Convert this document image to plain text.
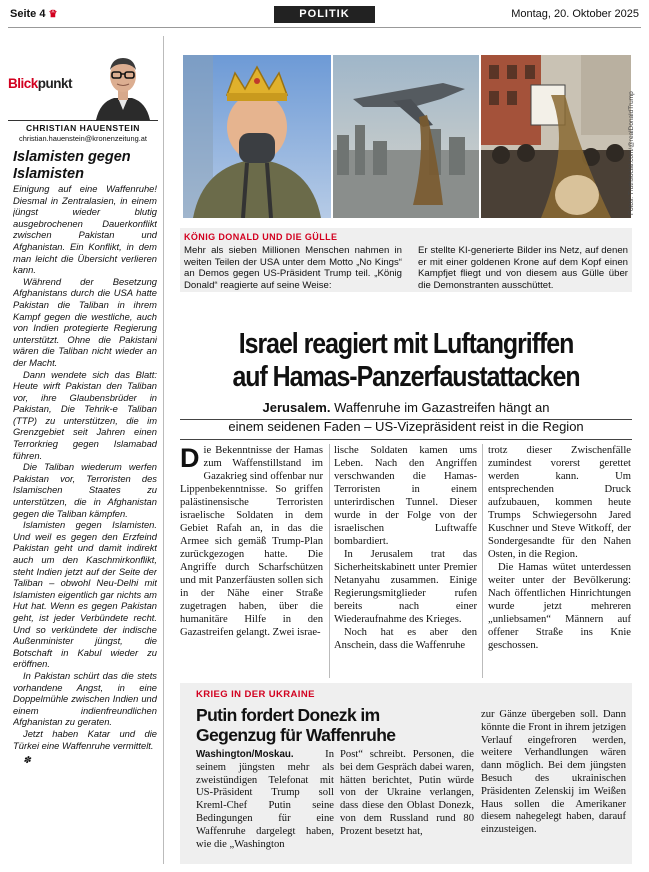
Seite 4 ♛	POLITIK	Montag, 20. Oktober 2025
Blickpunkt
CHRISTIAN HAUENSTEIN
christian.hauenstein@kronenzeitung.at
Islamisten gegen Islamisten

Einigung auf eine Waffenruhe! Diesmal in Zentralasien, in einem jüngst wieder blutig ausgebrochenen Dauerkonflikt zwischen Pakistan und Afghanistan. Ein Konflikt, in dem man leicht die Übersicht verlieren kann.

Während der Besetzung Afghanistans durch die USA hatte Pakistan die Taliban in ihrem Kampf gegen die westliche, auch von Indien protegierte Regierung unterstützt. Ohne die Pakistani wären die Taliban nicht wieder an der Macht.

Dann wendete sich das Blatt: Heute wirft Pakistan den Taliban vor, ihre Glaubensbrüder in Pakistan, Die Tehrik-e Taliban (TTP) zu unterstützen, die im Grenzgebiet seit Jahren einen Terrorkrieg gegen Islamabad führen.

Die Taliban wiederum werfen Pakistan vor, Terroristen des Islamischen Staates zu unterstützen, die in Afghanistan gegen die Taliban kämpfen.

Islamisten gegen Islamisten. Und weil es gegen den Erzfeind Pakistan geht und damit indirekt auch um den Kaschmirkonflikt, steht Indien jetzt auf der Seite der Taliban – obwohl Neu-Delhi mit Islamisten eigentlich gar nichts am Hut hat. Wenn es gegen Pakistan geht, ist jeder Verbündete recht. Und so verkündete der indische Außenminister jüngst, die Botschaft in Kabul wieder zu eröffnen.

In Pakistan schürt das die stets vorhandene Angst, in eine Doppelmühle zwischen Indien und einem indienfreundlichen Afghanistan zu geraten.

Jetzt haben Katar und die Türkei eine Waffenruhe vermittelt.

✽

Fotos: Truthsocial.com/@realDonaldTrump
KÖNIG DONALD UND DIE GÜLLE
Mehr als sieben Millionen Menschen nahmen in weiten Teilen der USA unter dem Motto „No Kings“ an Demos gegen US-Präsident Trump teil. „König Donald“ reagierte auf seine Weise:
Er stellte KI-generierte Bilder ins Netz, auf denen er mit einer goldenen Krone auf dem Kopf einen Kampfjet fliegt und von diesem aus Gülle über die Demonstranten ausschüttet.
Israel reagiert mit Luftangriffen
auf Hamas-Panzerfaustattacken
Jerusalem. Waffenruhe im Gazastreifen hängt an
einem seidenen Faden – US-Vizepräsident reist in die Region

Die Bekenntnisse der Hamas zum Waffenstillstand im Gazakrieg sind offenbar nur Lippenbekenntnisse. So griffen palästinensische Terroristen israelische Soldaten in dem Gebiet Rafah an, in das die Armee sich gemäß Trump-Plan zurückgezogen hatte. Die Angriffe durch Scharfschützen und mit Panzerfäusten sollen sich in der Nähe einer Straße zugetragen haben, über die humanitäre Hilfe in den Gazastreifen gelangt. Zwei israe-

lische Soldaten kamen ums Leben. Nach den Angriffen verschwanden die Hamas-Terroristen in einem unterirdischen Tunnel. Dieser wurde in der Folge von der israelischen Luftwaffe bombardiert.

In Jerusalem trat das Sicherheitskabinett unter Premier Netanyahu zusammen. Einige Regierungsmitglieder rufen bereits nach einer Wiederaufnahme des Krieges.

Noch hat es aber den Anschein, dass die Waffenruhe

trotz dieser Zwischenfälle zumindest vorerst gerettet werden kann. Um entsprechenden Druck aufzubauen, kommen heute Trumps Schwiegersohn Jared Kuschner und Steve Witkoff, der Sondergesandte für den Nahen Osten, in die Region.

Die Hamas wütet unterdessen weiter unter der Bevölkerung: Nach öffentlichen Hinrichtungen wurde jetzt mehreren „unliebsamen“ Männern auf offener Straße ins Knie geschossen.

KRIEG IN DER UKRAINE
Putin fordert Donezk im Gegenzug für Waffenruhe
Washington/Moskau.	In seinem jüngsten mehr als zweistündigen Telefonat mit US-Präsident Trump soll Kreml-Chef Putin seine Bedingungen für eine Waffenruhe dargelegt haben, wie die „Washington
Post“ schreibt. Personen, die bei dem Gespräch dabei waren, hätten berichtet, Putin würde von der Ukraine verlangen, dass diese den Oblast Donezk, von dem Russland rund 80 Prozent besetzt hat,
zur Gänze übergeben soll. Dann könnte die Front in ihrem jetzigen Verlauf eingefroren werden, weitere Verhandlungen wären dann möglich. Bei dem jüngsten Besuch des ukrainischen Präsidenten Zelenskij im Weißen Haus sollen die Amerikaner diesem nahegelegt haben, darauf einzusteigen.
